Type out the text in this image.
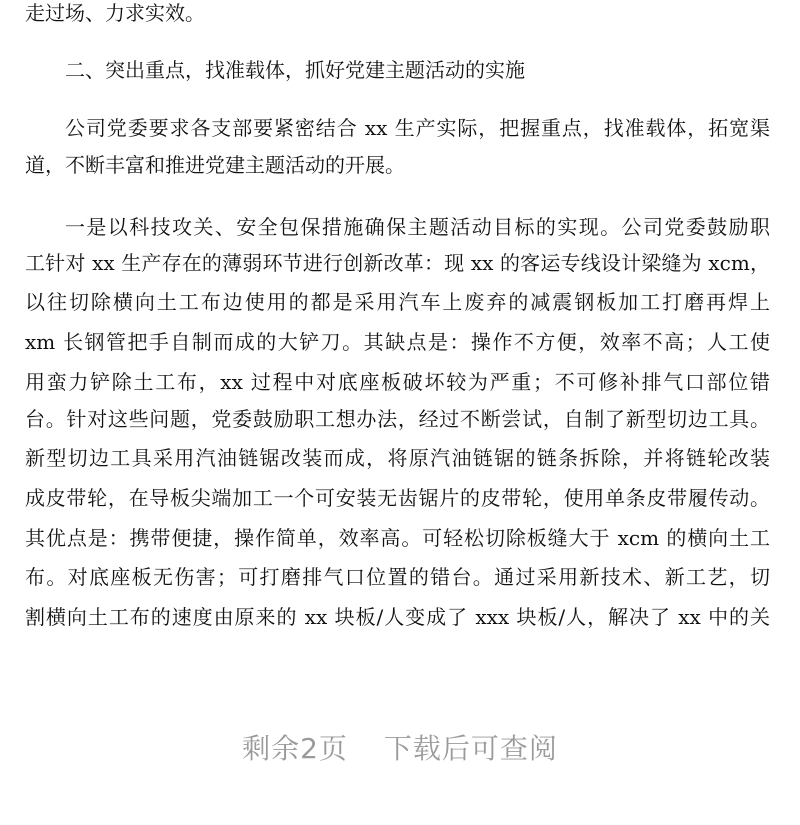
走过场、力求实效。
二、突出重点，找准载体，抓好党建主题活动的实施
公司党委要求各支部要紧密结合 xx 生产实际，把握重点，找准载体，拓宽渠
道，不断丰富和推进党建主题活动的开展。
一是以科技攻关、安全包保措施确保主题活动目标的实现。公司党委鼓励职
工针对 xx 生产存在的薄弱环节进行创新改革：现 xx 的客运专线设计梁缝为 xcm，
以往切除横向土工布边使用的都是采用汽车上废弃的减震钢板加工打磨再焊上
xm 长钢管把手自制而成的大铲刀。其缺点是：操作不方便，效率不高；人工使
用蛮力铲除土工布，xx 过程中对底座板破坏较为严重；不可修补排气口部位错
台。针对这些问题，党委鼓励职工想办法，经过不断尝试，自制了新型切边工具。
新型切边工具采用汽油链锯改装而成，将原汽油链锯的链条拆除，并将链轮改装
成皮带轮，在导板尖端加工一个可安装无齿锯片的皮带轮，使用单条皮带履传动。
其优点是：携带便捷，操作简单，效率高。可轻松切除板缝大于 xcm 的横向土工
布。对底座板无伤害；可打磨排气口位置的错台。通过采用新技术、新工艺，切
割横向土工布的速度由原来的 xx 块板/人变成了 xxx 块板/人，解决了 xx 中的关
剩余2页 下载后可查阅
